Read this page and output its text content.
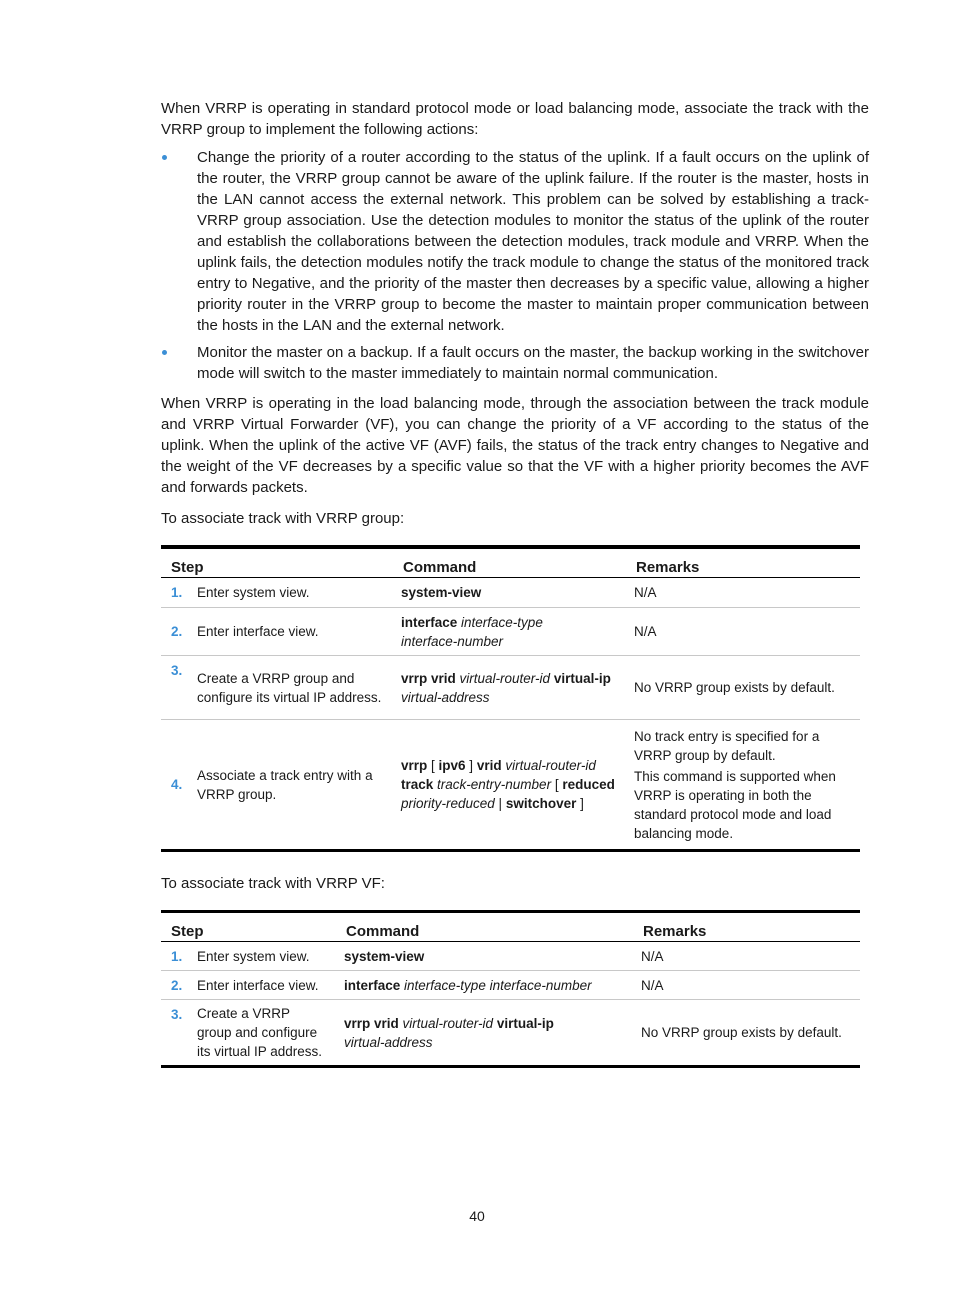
When VRRP is operating in standard protocol mode or load balancing mode, associate the track with the VRRP group to implement the following actions:

Change the priority of a router according to the status of the uplink. If a fault occurs on the uplink of the router, the VRRP group cannot be aware of the uplink failure. If the router is the master, hosts in the LAN cannot access the external network. This problem can be solved by establishing a track-VRRP group association. Use the detection modules to monitor the status of the uplink of the router and establish the collaborations between the detection modules, track module and VRRP. When the uplink fails, the detection modules notify the track module to change the status of the monitored track entry to Negative, and the priority of the master then decreases by a specific value, allowing a higher priority router in the VRRP group to become the master to maintain proper communication between the hosts in the LAN and the external network.
Monitor the master on a backup. If a fault occurs on the master, the backup working in the switchover mode will switch to the master immediately to maintain normal communication.

When VRRP is operating in the load balancing mode, through the association between the track module and VRRP Virtual Forwarder (VF), you can change the priority of a VF according to the status of the uplink. When the uplink of the active VF (AVF) fails, the status of the track entry changes to Negative and the weight of the VF decreases by a specific value so that the VF with a higher priority becomes the AVF and forwards packets.

To associate track with VRRP group:

Step		Command	Remarks
1.	Enter system view.	system-view	N/A
2.	Enter interface view.	interface interface-type
interface-number	N/A
3.	Create a VRRP group and configure its virtual IP address.	vrrp vrid virtual-router-id virtual-ip
virtual-address	No VRRP group exists by default.
4.	Associate a track entry with a VRRP group.	vrrp [ ipv6 ] vrid virtual-router-id
track track-entry-number [ reduced
priority-reduced | switchover ]	No track entry is specified for a VRRP group by default.
This command is supported when VRRP is operating in both the standard protocol mode and load balancing mode.

To associate track with VRRP VF:

Step		Command	Remarks
1.	Enter system view.	system-view	N/A
2.	Enter interface view.	interface interface-type interface-number	N/A
3.	Create a VRRP group and configure its virtual IP address.	vrrp vrid virtual-router-id virtual-ip
virtual-address	No VRRP group exists by default.
40
